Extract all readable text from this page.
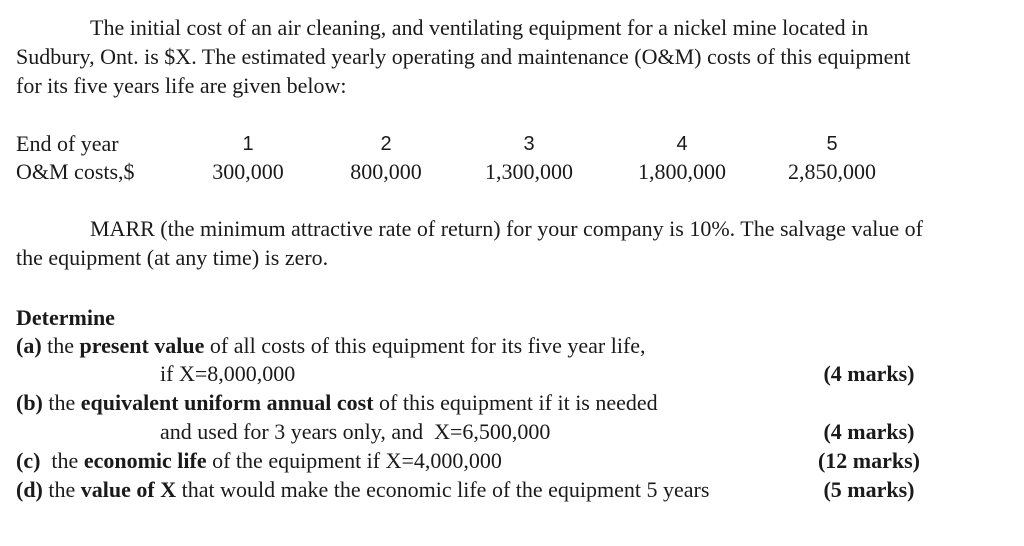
The initial cost of an air cleaning, and ventilating equipment for a nickel mine located in
Sudbury, Ont. is $X. The estimated yearly operating and maintenance (O&M) costs of this equipment
for its five years life are given below:
End of year	1	2	3	4	5
O&M costs,$	300,000	800,000	1,300,000	1,800,000	2,850,000
MARR (the minimum attractive rate of return) for your company is 10%. The salvage value of
the equipment (at any time) is zero.
Determine
(a) the present value of all costs of this equipment for its five year life,
if X=8,000,000	(4 marks)
(b) the equivalent uniform annual cost of this equipment if it is needed
and used for 3 years only, and  X=6,500,000	(4 marks)
(c)  the economic life of the equipment if X=4,000,000	(12 marks)
(d) the value of X that would make the economic life of the equipment 5 years	(5 marks)
